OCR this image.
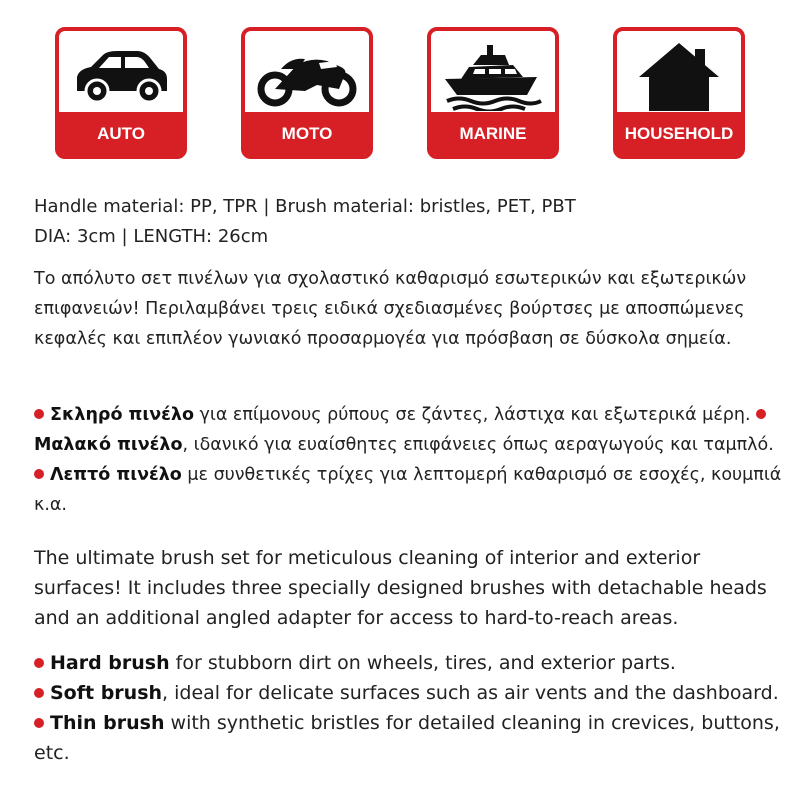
AUTO	MOTO	MARINE	HOUSEHOLD

Handle material: PP, TPR | Brush material: bristles, PET, PBT

DIA: 3cm | LENGTH: 26cm

Το απόλυτο σετ πινέλων για σχολαστικό καθαρισμό εσωτερικών και εξωτερικών επιφανειών! Περιλαμβάνει τρεις ειδικά σχεδιασμένες βούρτσες με αποσπώμενες κεφαλές και επιπλέον γωνιακό προσαρμογέα για πρόσβαση σε δύσκολα σημεία.

Σκληρό πινέλο για επίμονους ρύπους σε ζάντες, λάστιχα και εξωτερικά μέρη. Μαλακό πινέλο, ιδανικό για ευαίσθητες επιφάνειες όπως αεραγωγούς και ταμπλό. Λεπτό πινέλο με συνθετικές τρίχες για λεπτομερή καθαρισμό σε εσοχές, κουμπιά κ.α.

The ultimate brush set for meticulous cleaning of interior and exterior surfaces! It includes three specially designed brushes with detachable heads and an additional angled adapter for access to hard-to-reach areas.

Hard brush for stubborn dirt on wheels, tires, and exterior parts.
Soft brush, ideal for delicate surfaces such as air vents and the dashboard. Thin brush with synthetic bristles for detailed cleaning in crevices, buttons, etc.
